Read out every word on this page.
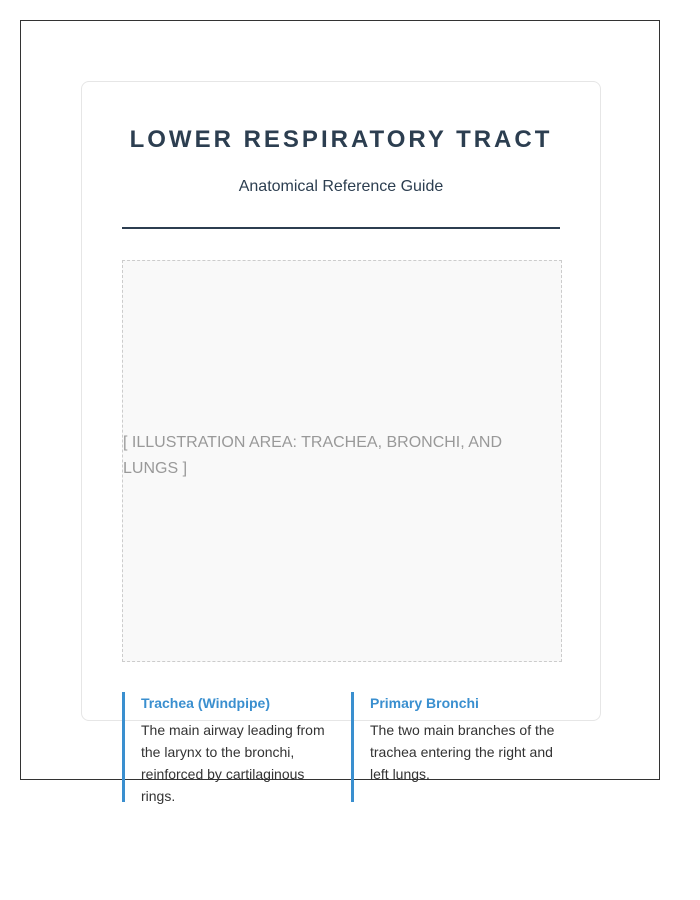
LOWER RESPIRATORY TRACT

Anatomical Reference Guide

[ ILLUSTRATION AREA: TRACHEA, BRONCHI, AND LUNGS ]
Trachea (Windpipe)
The main airway leading from the larynx to the bronchi, reinforced by cartilaginous rings.
Primary Bronchi
The two main branches of the trachea entering the right and left lungs.
